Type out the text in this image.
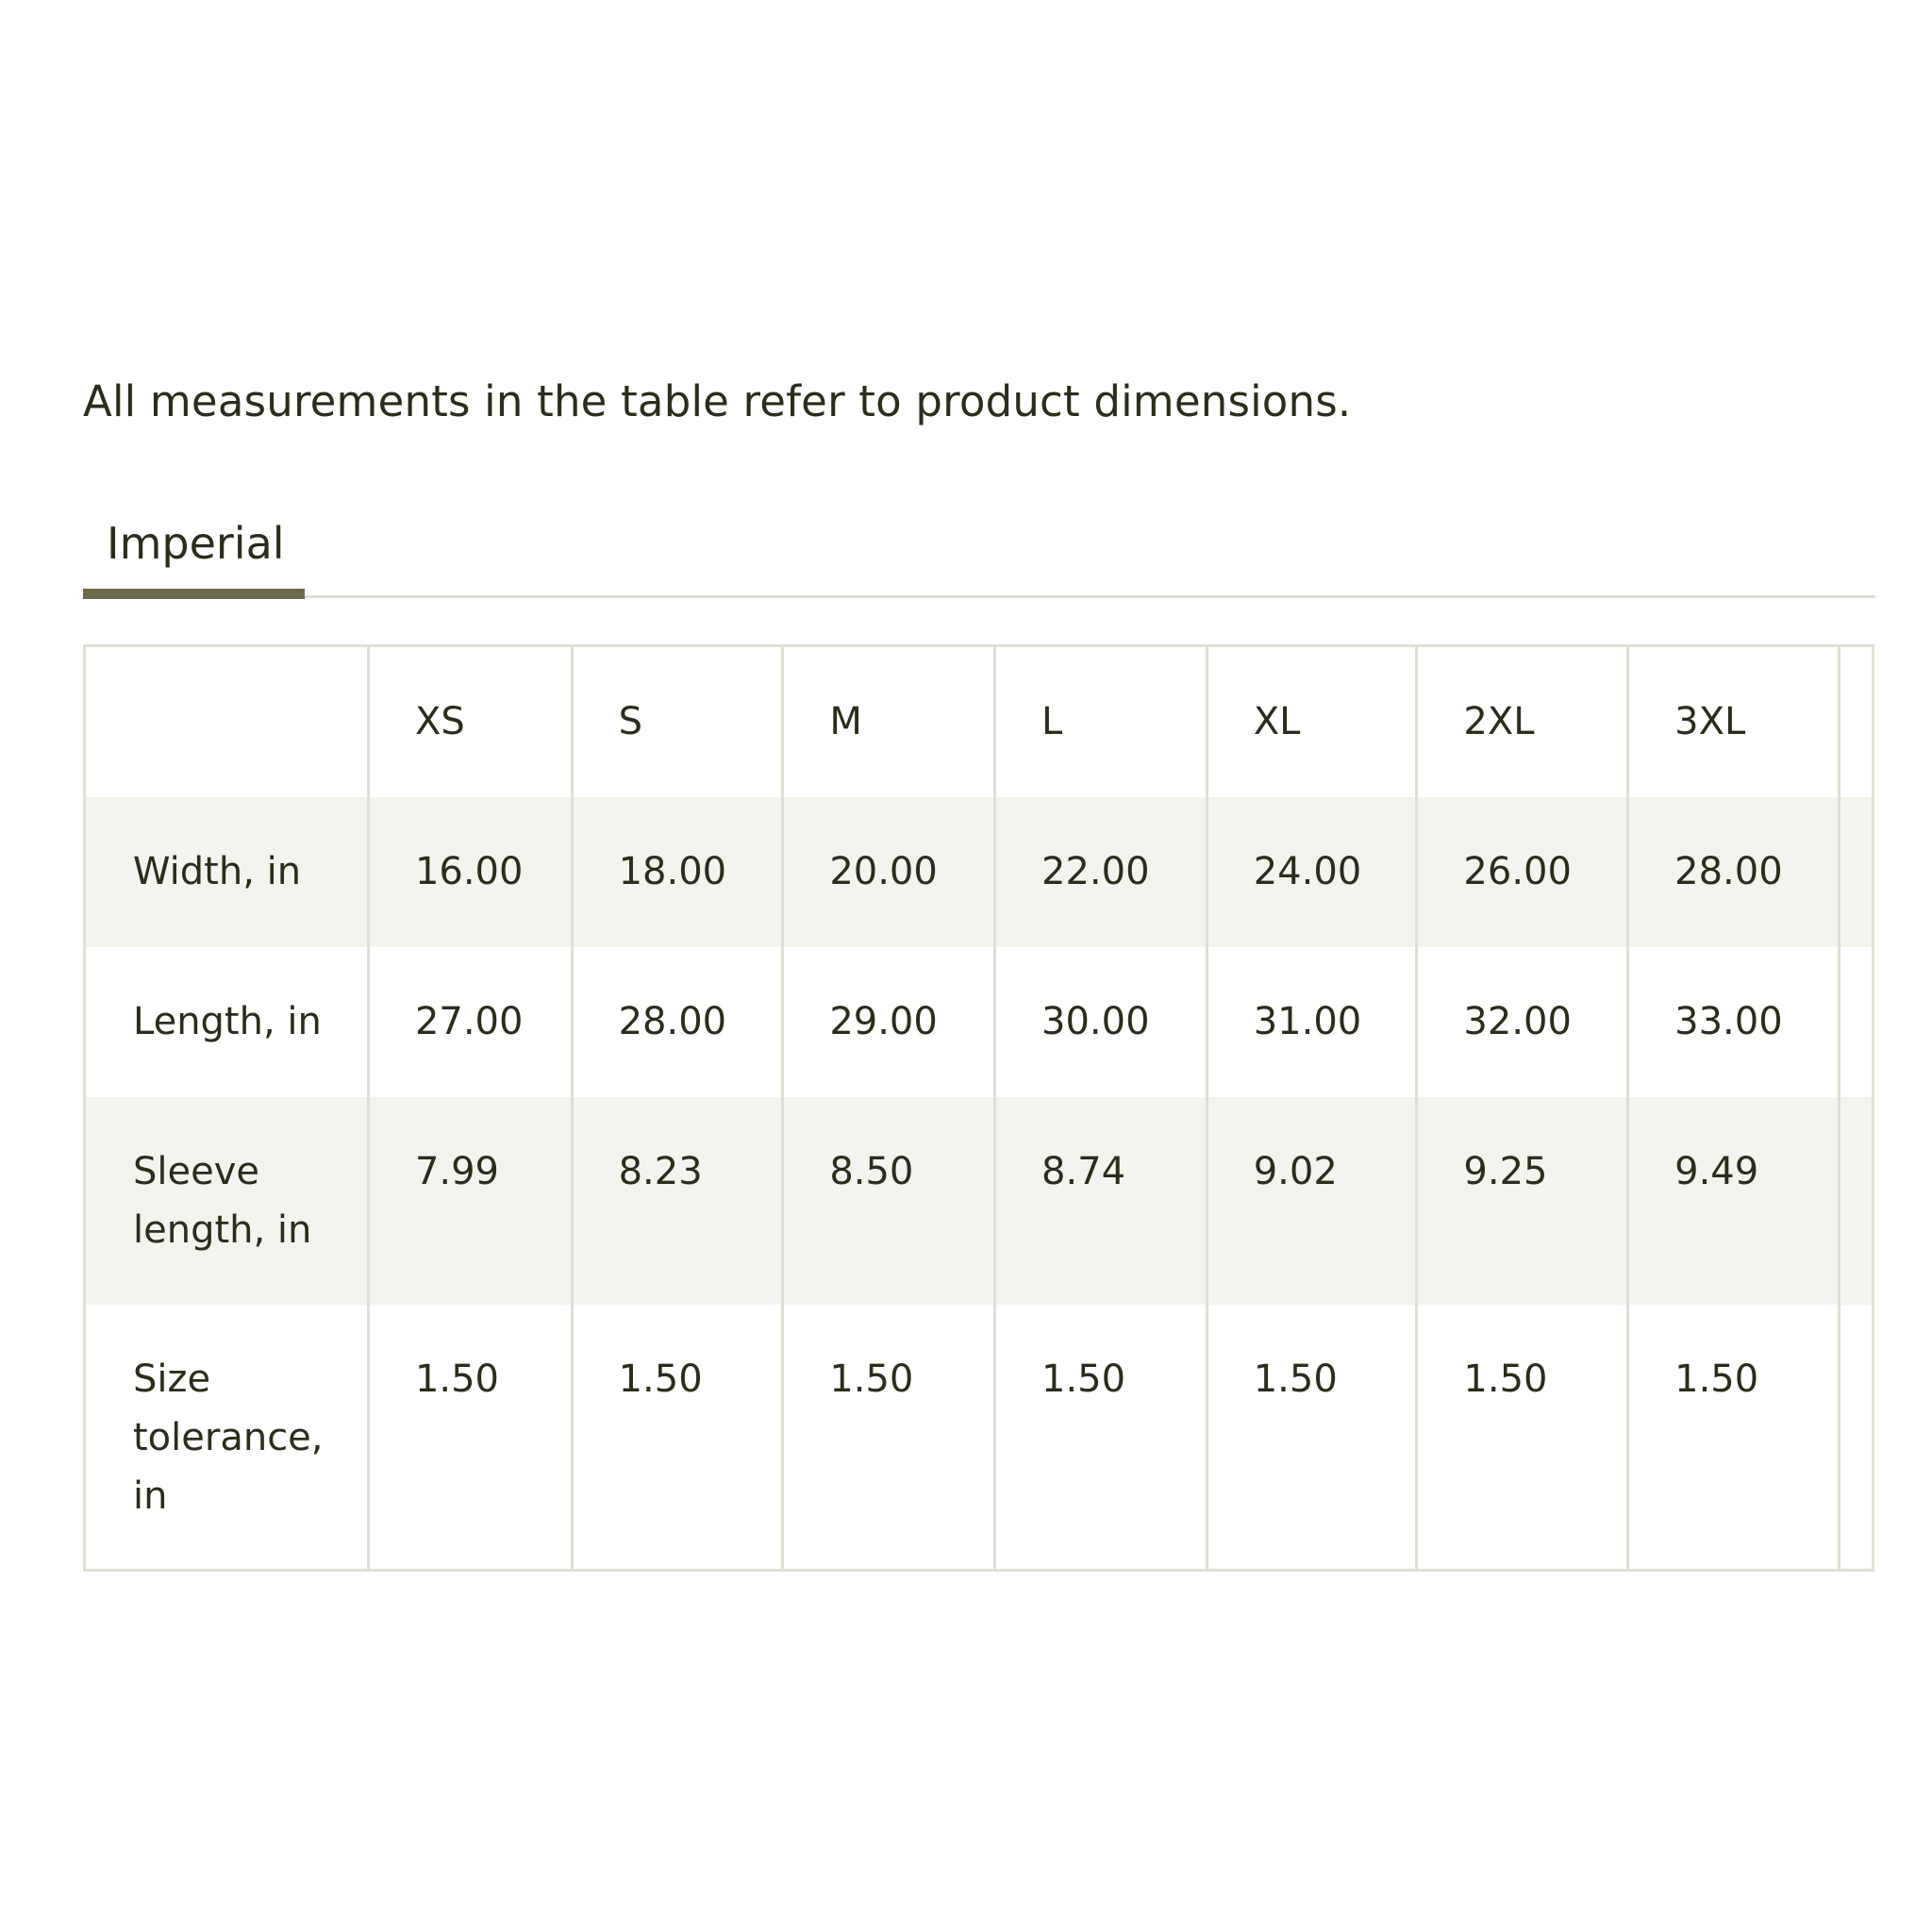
All measurements in the table refer to product dimensions.

Imperial
	XS	S	M	L	XL	2XL	3XL	
Width, in	16.00	18.00	20.00	22.00	24.00	26.00	28.00	
Length, in	27.00	28.00	29.00	30.00	31.00	32.00	33.00	
Sleeve length, in	7.99	8.23	8.50	8.74	9.02	9.25	9.49	
Size tolerance, in	1.50	1.50	1.50	1.50	1.50	1.50	1.50	
